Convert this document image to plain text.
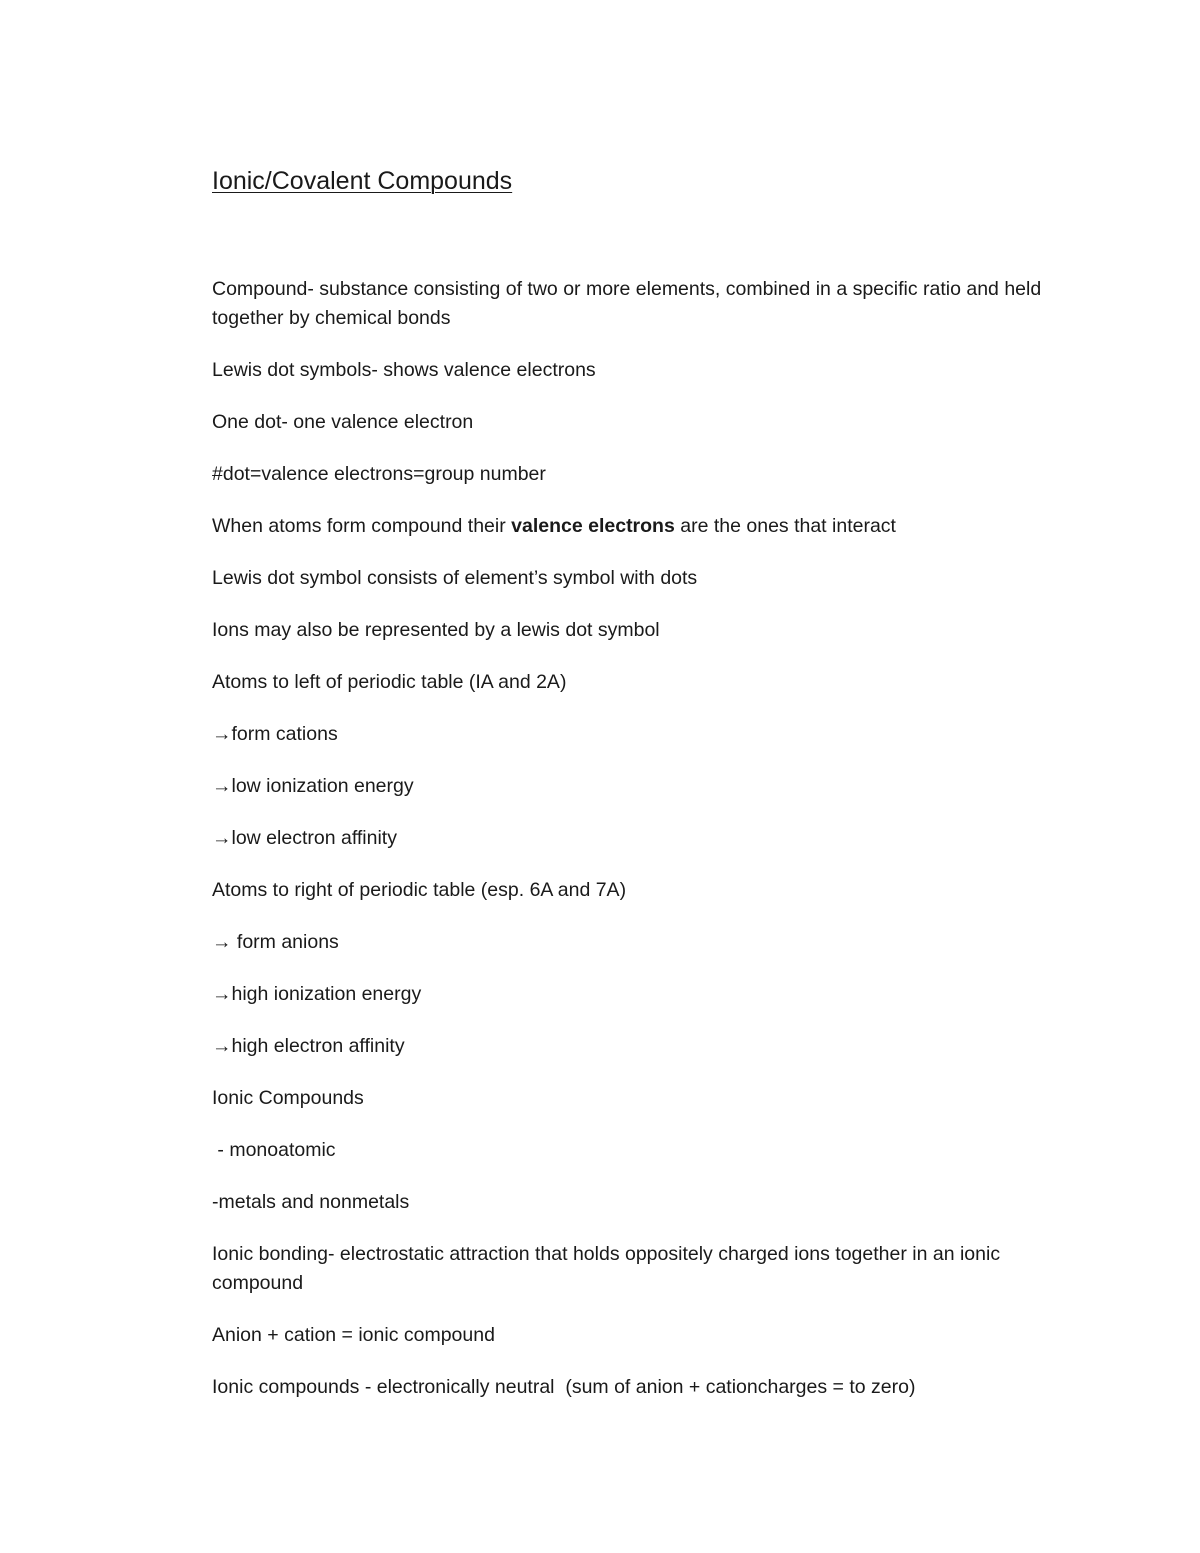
Ionic/Covalent Compounds

Compound- substance consisting of two or more elements, combined in a specific ratio and held together by chemical bonds

Lewis dot symbols- shows valence electrons

One dot- one valence electron

#dot=valence electrons=group number

When atoms form compound their valence electrons are the ones that interact

Lewis dot symbol consists of element’s symbol with dots

Ions may also be represented by a lewis dot symbol

Atoms to left of periodic table (IA and 2A)

→form cations

→low ionization energy

→low electron affinity

Atoms to right of periodic table (esp. 6A and 7A)

→ form anions

→high ionization energy

→high electron affinity

Ionic Compounds

- monoatomic

-metals and nonmetals

Ionic bonding- electrostatic attraction that holds oppositely charged ions together in an ionic compound

Anion + cation = ionic compound

Ionic compounds - electronically neutral  (sum of anion + cationcharges = to zero)
